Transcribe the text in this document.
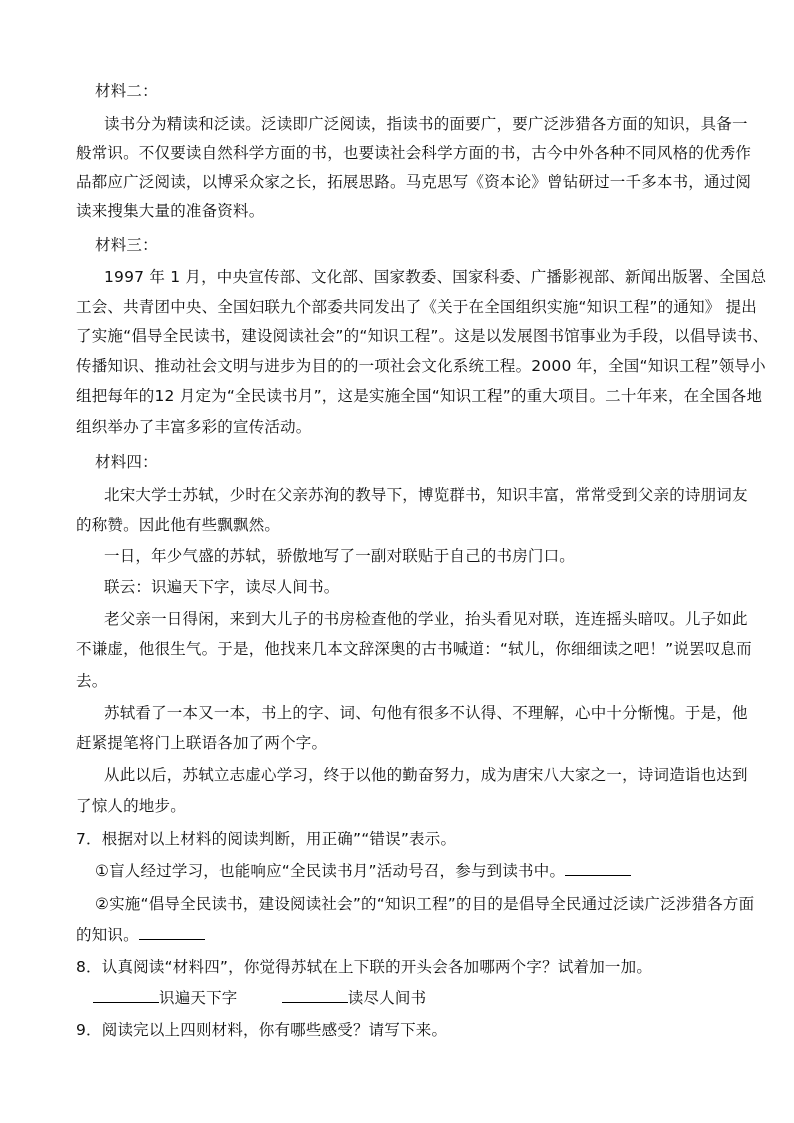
材料二：
读书分为精读和泛读。泛读即广泛阅读，指读书的面要广，要广泛涉猎各方面的知识，具备一
般常识。不仅要读自然科学方面的书，也要读社会科学方面的书，古今中外各种不同风格的优秀作
品都应广泛阅读，以博采众家之长，拓展思路。马克思写《资本论》曾钻研过一千多本书，通过阅
读来搜集大量的准备资料。
材料三：
1997 年 1 月，中央宣传部、文化部、国家教委、国家科委、广播影视部、新闻出版署、全国总
工会、共青团中央、全国妇联九个部委共同发出了《关于在全国组织实施“知识工程”的通知》 提出
了实施“倡导全民读书，建设阅读社会”的“知识工程”。这是以发展图书馆事业为手段，以倡导读书、
传播知识、推动社会文明与进步为目的的一项社会文化系统工程。2000 年，全国“知识工程”领导小
组把每年的12 月定为“全民读书月”，这是实施全国“知识工程”的重大项目。二十年来，在全国各地
组织举办了丰富多彩的宣传活动。
材料四：
北宋大学士苏轼，少时在父亲苏洵的教导下，博览群书，知识丰富，常常受到父亲的诗朋词友
的称赞。因此他有些飘飘然。
一日，年少气盛的苏轼，骄傲地写了一副对联贴于自己的书房门口。
联云：识遍天下字，读尽人间书。
老父亲一日得闲，来到大儿子的书房检查他的学业，抬头看见对联，连连摇头暗叹。儿子如此
不谦虚，他很生气。于是，他找来几本文辞深奥的古书喊道：“轼儿，你细细读之吧！”说罢叹息而
去。
苏轼看了一本又一本，书上的字、词、句他有很多不认得、不理解，心中十分惭愧。于是，他
赶紧提笔将门上联语各加了两个字。
从此以后，苏轼立志虚心学习，终于以他的勤奋努力，成为唐宋八大家之一，诗词造诣也达到
了惊人的地步。
7．根据对以上材料的阅读判断，用正确”“错误”表示。
①盲人经过学习，也能响应“全民读书月”活动号召，参与到读书中。
②实施“倡导全民读书，建设阅读社会”的“知识工程”的目的是倡导全民通过泛读广泛涉猎各方面
的知识。
8．认真阅读“材料四”，你觉得苏轼在上下联的开头会各加哪两个字？试着加一加。
识遍天下字	读尽人间书
9．阅读完以上四则材料，你有哪些感受？请写下来。
